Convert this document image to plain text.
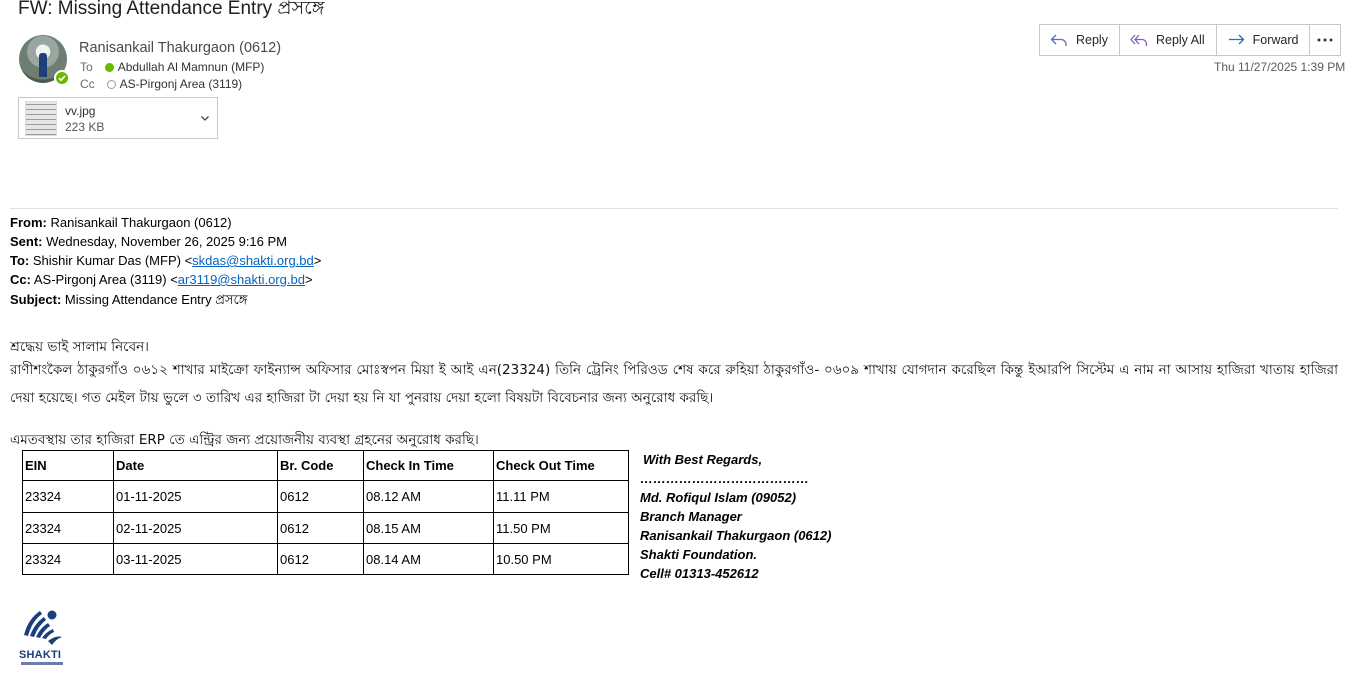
FW: Missing Attendance Entry প্রসঙ্গে
Ranisankail Thakurgaon (0612)
To Abdullah Al Mamnun (MFP)
Cc AS-Pirgonj Area (3119)
vv.jpg
223 KB
Reply	Reply All	Forward
Thu 11/27/2025 1:39 PM
From: Ranisankail Thakurgaon (0612)
Sent: Wednesday, November 26, 2025 9:16 PM
To: Shishir Kumar Das (MFP) <skdas@shakti.org.bd>
Cc: AS-Pirgonj Area (3119) <ar3119@shakti.org.bd>
Subject: Missing Attendance Entry প্রসঙ্গে
শ্রদ্ধেয় ভাই সালাম নিবেন।
রাণীশংকৈল ঠাকুরগাঁও ০৬১২ শাখার মাইক্রো ফাইন্যান্স অফিসার মোঃস্বপন মিয়া ই আই এন(23324) তিনি ট্রেনিং পিরিওড শেষ করে রুহিয়া ঠাকুরগাঁও- ০৬০৯ শাখায় যোগদান করেছিল কিন্তু ইআরপি সিস্টেম এ নাম না আসায় হাজিরা খাতায় হাজিরা দেয়া হয়েছে। গত মেইল টায় ভুলে ৩ তারিখ এর হাজিরা টা দেয়া হয় নি যা পুনরায় দেয়া হলো বিষয়টা বিবেচনার জন্য অনুরোধ করছি।
এমতবস্থায় তার হাজিরা ERP তে এন্ট্রির জন্য প্রয়োজনীয় ব্যবস্থা গ্রহনের অনুরোধ করছি।
EIN	Date	Br. Code	Check In Time	Check Out Time
23324	01-11-2025	0612	08.12 AM	11.11 PM
23324	02-11-2025	0612	08.15 AM	11.50 PM
23324	03-11-2025	0612	08.14 AM	10.50 PM
With Best Regards,
…………………………………
Md. Rofiqul Islam (09052)
Branch Manager
Ranisankail Thakurgaon (0612)
Shakti Foundation.
Cell# 01313-452612
SHAKTI
